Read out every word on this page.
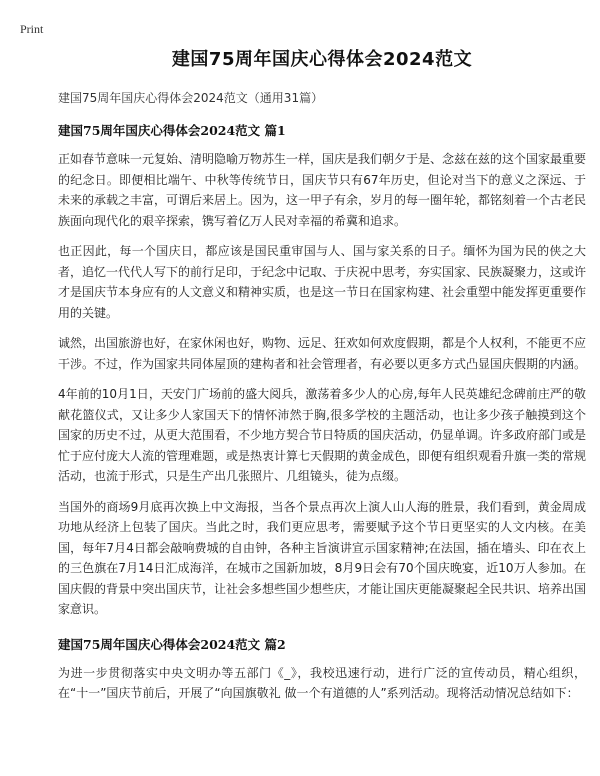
Print
建国75周年国庆心得体会2024范文

建国75周年国庆心得体会2024范文（通用31篇）

建国75周年国庆心得体会2024范文 篇1

正如春节意味一元复始、清明隐喻万物苏生一样，国庆是我们朝夕于是、念兹在兹的这个国家最重要的纪念日。即便相比端午、中秋等传统节日，国庆节只有67年历史，但论对当下的意义之深远、于未来的承载之丰富，可谓后来居上。因为，这一甲子有余，岁月的每一圈年轮，都铭刻着一个古老民族面向现代化的艰辛探索，镌写着亿万人民对幸福的希冀和追求。

也正因此，每一个国庆日，都应该是国民重审国与人、国与家关系的日子。缅怀为国为民的侠之大者，追忆一代代人写下的前行足印，于纪念中记取、于庆祝中思考，夯实国家、民族凝聚力，这或许才是国庆节本身应有的人文意义和精神实质，也是这一节日在国家构建、社会重塑中能发挥更重要作用的关键。

诚然，出国旅游也好，在家休闲也好，购物、远足、狂欢如何欢度假期，都是个人权利，不能更不应干涉。不过，作为国家共同体屋顶的建构者和社会管理者，有必要以更多方式凸显国庆假期的内涵。

4年前的10月1日，天安门广场前的盛大阅兵，激荡着多少人的心房,每年人民英雄纪念碑前庄严的敬献花篮仪式，又让多少人家国天下的情怀沛然于胸,很多学校的主题活动，也让多少孩子触摸到这个国家的历史不过，从更大范围看，不少地方契合节日特质的国庆活动，仍显单调。许多政府部门或是忙于应付庞大人流的管理难题，或是热衷计算七天假期的黄金成色，即便有组织观看升旗一类的常规活动，也流于形式，只是生产出几张照片、几组镜头，徒为点缀。

当国外的商场9月底再次换上中文海报，当各个景点再次上演人山人海的胜景，我们看到，黄金周成功地从经济上包装了国庆。当此之时，我们更应思考，需要赋予这个节日更坚实的人文内核。在美国，每年7月4日都会敲响费城的自由钟，各种主旨演讲宣示国家精神;在法国，插在墙头、印在衣上的三色旗在7月14日汇成海洋，在城市之国新加坡，8月9日会有70个国庆晚宴，近10万人参加。在国庆假的背景中突出国庆节，让社会多想些国少想些庆，才能让国庆更能凝聚起全民共识、培养出国家意识。

建国75周年国庆心得体会2024范文 篇2

为进一步贯彻落实中央文明办等五部门《_》，我校迅速行动，进行广泛的宣传动员，精心组织，在“十一”国庆节前后，开展了“向国旗敬礼 做一个有道德的人”系列活动。现将活动情况总结如下：
